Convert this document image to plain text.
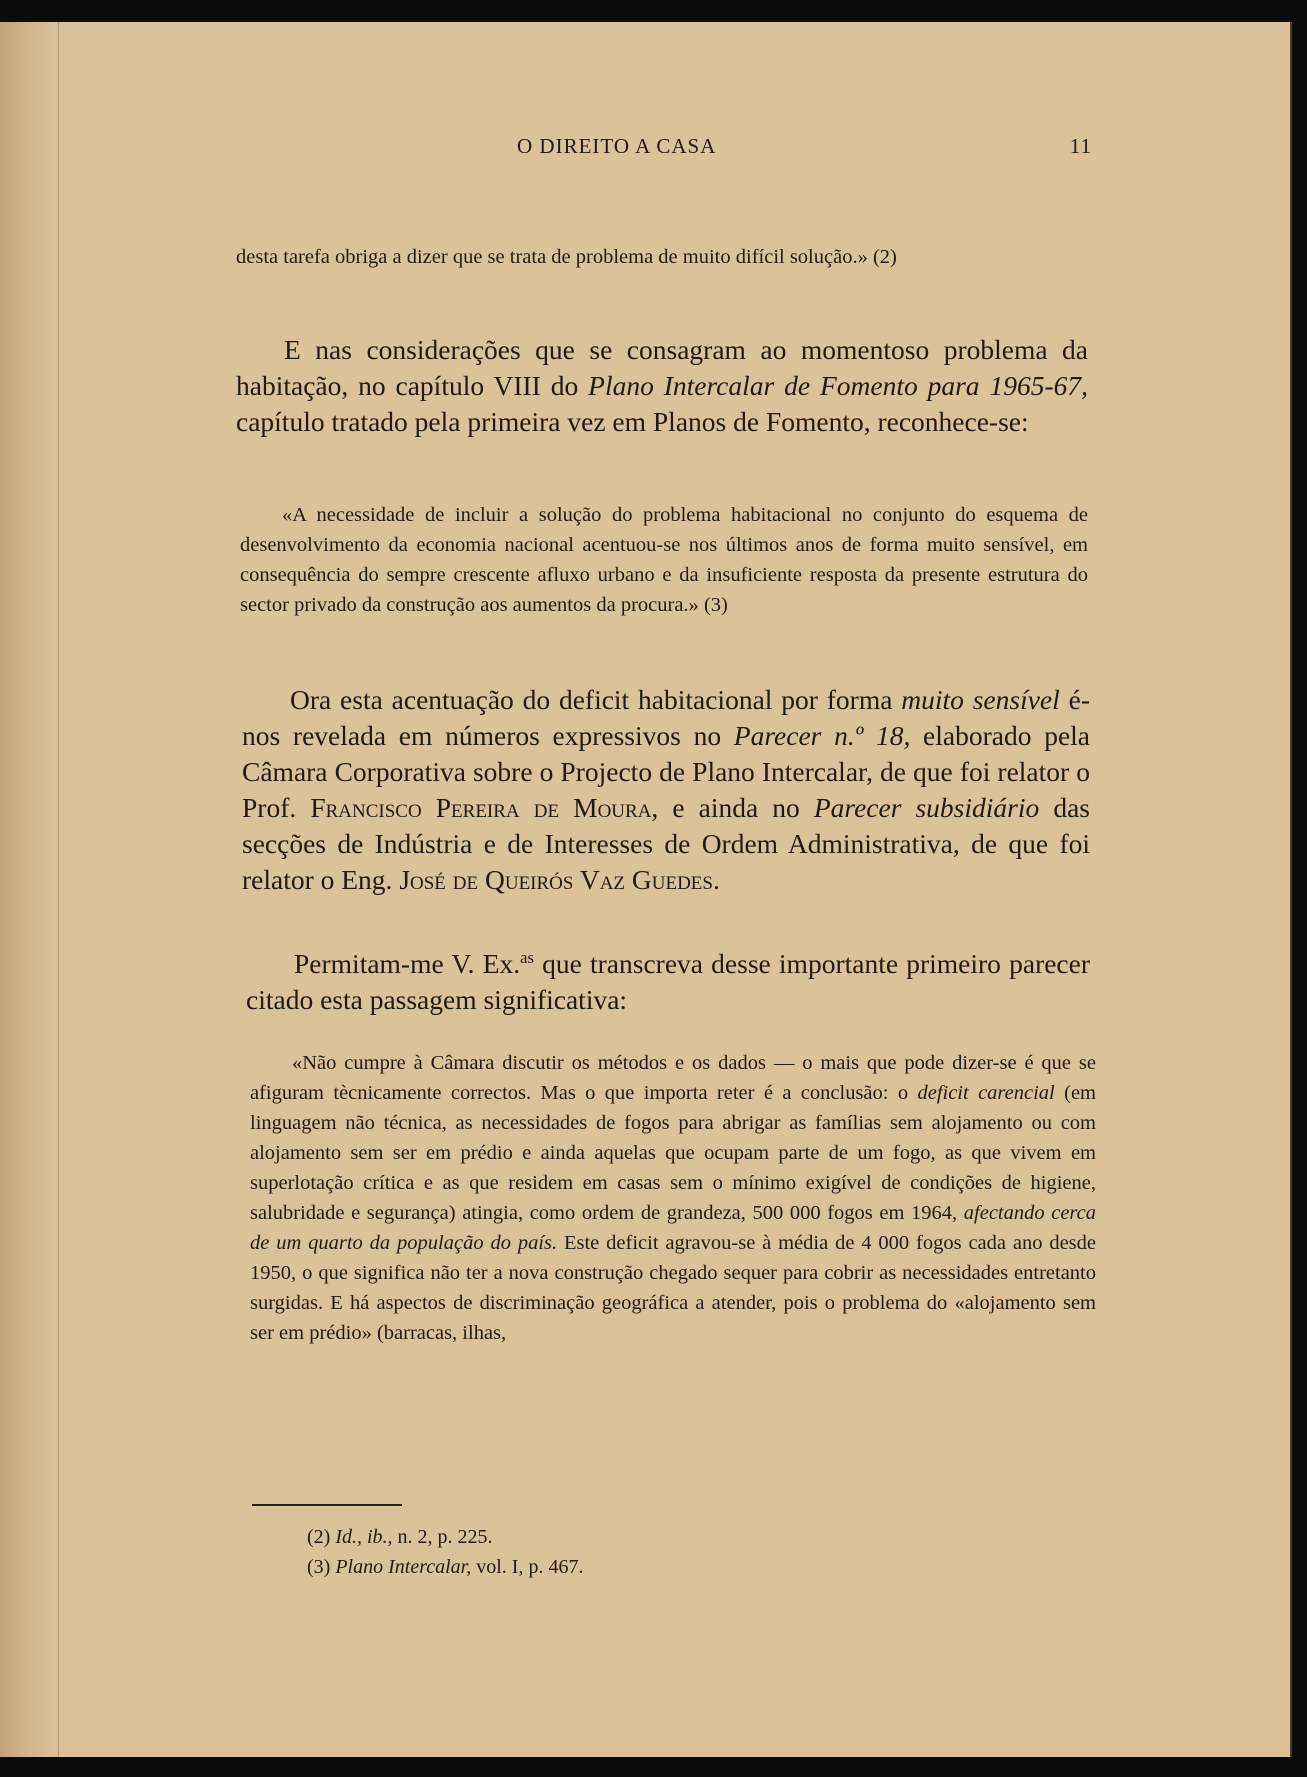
O DIREITO A CASA	11

desta tarefa obriga a dizer que se trata de problema de muito difícil solução.» (2)

E nas considerações que se consagram ao momentoso problema da habitação, no capítulo VIII do Plano Intercalar de Fomento para 1965-67, capítulo tratado pela primeira vez em Planos de Fomento, reconhece-se:

«A necessidade de incluir a solução do problema habitacional no conjunto do esquema de desenvolvimento da economia nacional acentuou-se nos últimos anos de forma muito sensível, em consequência do sempre crescente afluxo urbano e da insuficiente resposta da presente estrutura do sector privado da construção aos aumentos da procura.» (3)

Ora esta acentuação do deficit habitacional por forma muito sensível é-nos revelada em números expressivos no Parecer n.º 18, elaborado pela Câmara Corporativa sobre o Projecto de Plano Intercalar, de que foi relator o Prof. Francisco Pereira de Moura, e ainda no Parecer subsidiário das secções de Indústria e de Interesses de Ordem Administrativa, de que foi relator o Eng. José de Queirós Vaz Guedes.

Permitam-me V. Ex.$^{as}$ que transcreva desse importante primeiro parecer citado esta passagem significativa:

«Não cumpre à Câmara discutir os métodos e os dados — o mais que pode dizer-se é que se afiguram tècnicamente correctos. Mas o que importa reter é a conclusão: o deficit carencial (em linguagem não técnica, as necessidades de fogos para abrigar as famílias sem alojamento ou com alojamento sem ser em prédio e ainda aquelas que ocupam parte de um fogo, as que vivem em superlotação crítica e as que residem em casas sem o mínimo exigível de condições de higiene, salubridade e segurança) atingia, como ordem de grandeza, 500 000 fogos em 1964, afectando cerca de um quarto da população do país. Este deficit agravou-se à média de 4 000 fogos cada ano desde 1950, o que significa não ter a nova construção chegado sequer para cobrir as necessidades entretanto surgidas. E há aspectos de discriminação geográfica a atender, pois o problema do «alojamento sem ser em prédio» (barracas, ilhas,

(2) Id., ib., n. 2, p. 225.

(3) Plano Intercalar, vol. I, p. 467.
